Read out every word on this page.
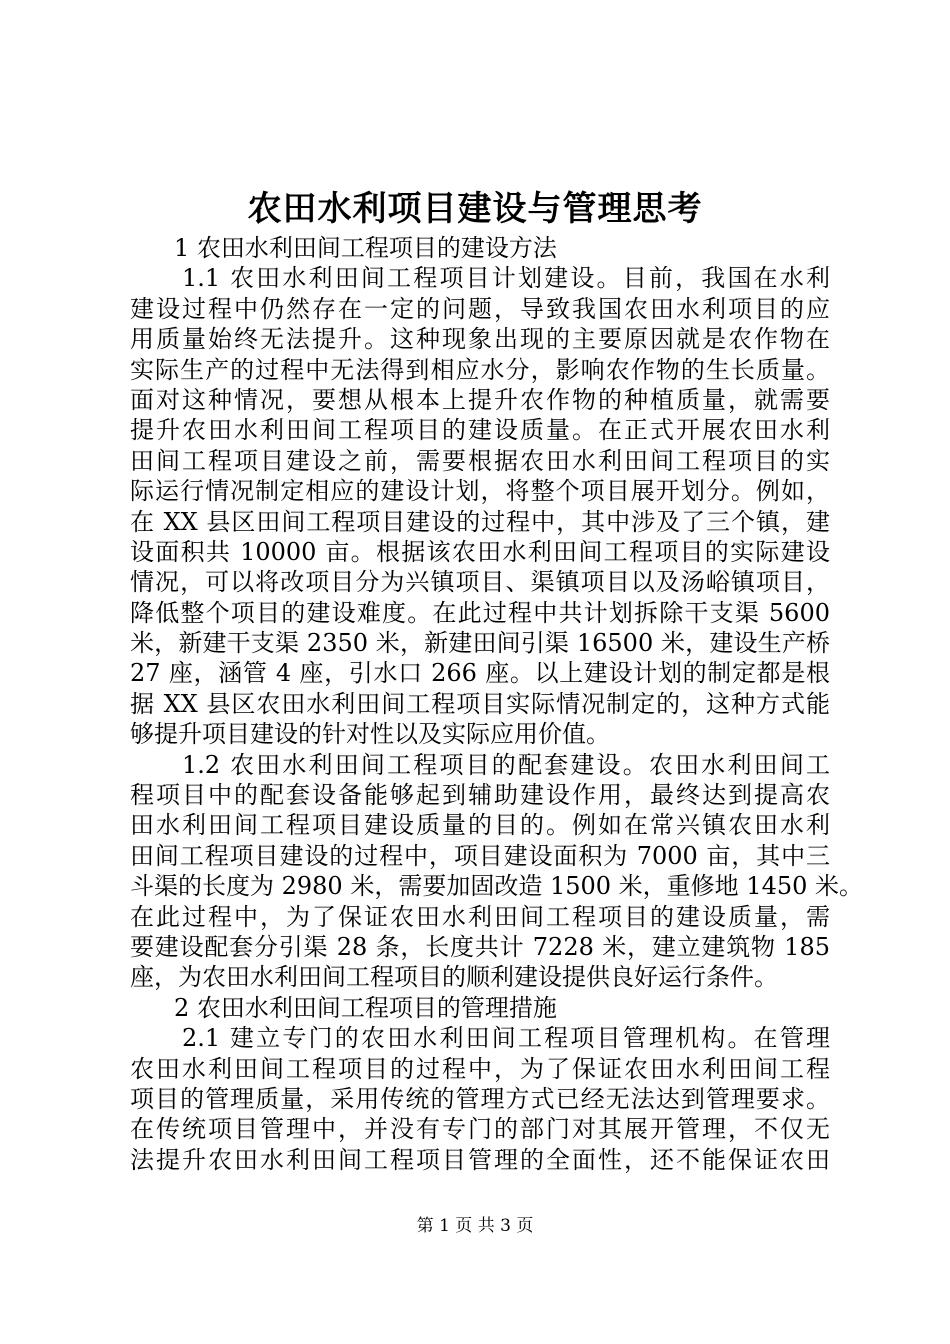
农田水利项目建设与管理思考
1 农田水利田间工程项目的建设方法
1.1 农田水利田间工程项目计划建设。目前，我国在水利
建设过程中仍然存在一定的问题，导致我国农田水利项目的应
用质量始终无法提升。这种现象出现的主要原因就是农作物在
实际生产的过程中无法得到相应水分，影响农作物的生长质量。
面对这种情况，要想从根本上提升农作物的种植质量，就需要
提升农田水利田间工程项目的建设质量。在正式开展农田水利
田间工程项目建设之前，需要根据农田水利田间工程项目的实
际运行情况制定相应的建设计划，将整个项目展开划分。例如，
在 XX 县区田间工程项目建设的过程中，其中涉及了三个镇，建
设面积共 10000 亩。根据该农田水利田间工程项目的实际建设
情况，可以将改项目分为兴镇项目、渠镇项目以及汤峪镇项目，
降低整个项目的建设难度。在此过程中共计划拆除干支渠 5600
米，新建干支渠 2350 米，新建田间引渠 16500 米，建设生产桥
27 座，涵管 4 座，引水口 266 座。以上建设计划的制定都是根
据 XX 县区农田水利田间工程项目实际情况制定的，这种方式能
够提升项目建设的针对性以及实际应用价值。
1.2 农田水利田间工程项目的配套建设。农田水利田间工
程项目中的配套设备能够起到辅助建设作用，最终达到提高农
田水利田间工程项目建设质量的目的。例如在常兴镇农田水利
田间工程项目建设的过程中，项目建设面积为 7000 亩，其中三
斗渠的长度为 2980 米，需要加固改造 1500 米，重修地 1450 米。
在此过程中，为了保证农田水利田间工程项目的建设质量，需
要建设配套分引渠 28 条，长度共计 7228 米，建立建筑物 185
座，为农田水利田间工程项目的顺利建设提供良好运行条件。
2 农田水利田间工程项目的管理措施
2.1 建立专门的农田水利田间工程项目管理机构。在管理
农田水利田间工程项目的过程中，为了保证农田水利田间工程
项目的管理质量，采用传统的管理方式已经无法达到管理要求。
在传统项目管理中，并没有专门的部门对其展开管理，不仅无
法提升农田水利田间工程项目管理的全面性，还不能保证农田
第 1 页 共 3 页
